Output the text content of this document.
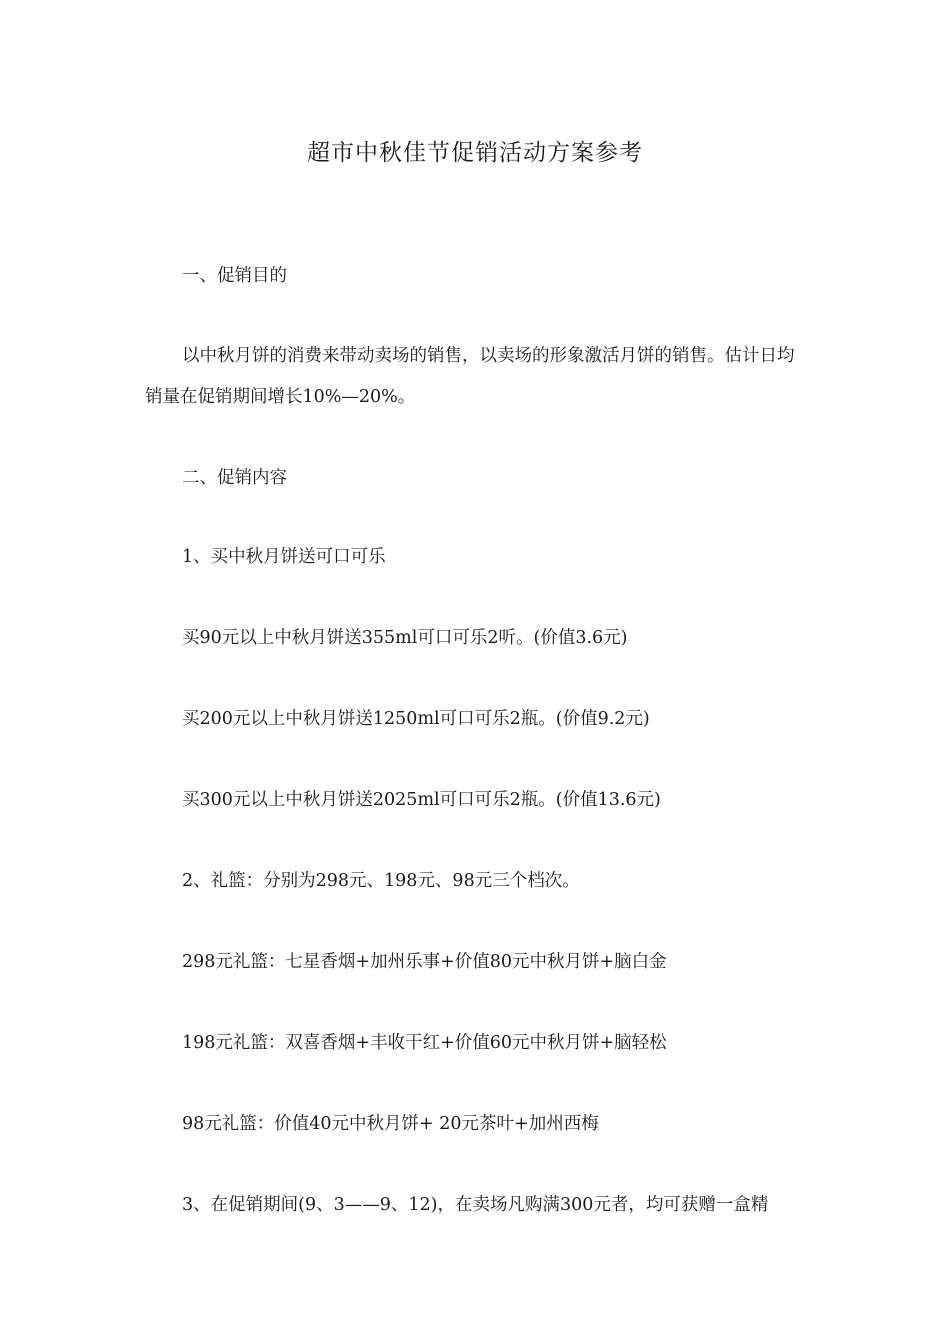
超市中秋佳节促销活动方案参考

一、促销目的

以中秋月饼的消费来带动卖场的销售，以卖场的形象激活月饼的销售。估计日均销量在促销期间增长10%—20%。

二、促销内容

1、买中秋月饼送可口可乐

买90元以上中秋月饼送355ml可口可乐2听。(价值3.6元)

买200元以上中秋月饼送1250ml可口可乐2瓶。(价值9.2元)

买300元以上中秋月饼送2025ml可口可乐2瓶。(价值13.6元)

2、礼篮：分别为298元、198元、98元三个档次。

298元礼篮：七星香烟+加州乐事+价值80元中秋月饼+脑白金

198元礼篮：双喜香烟+丰收干红+价值60元中秋月饼+脑轻松

98元礼篮：价值40元中秋月饼+ 20元茶叶+加州西梅

3、在促销期间(9、3——9、12)，在卖场凡购满300元者，均可获赠一盒精
